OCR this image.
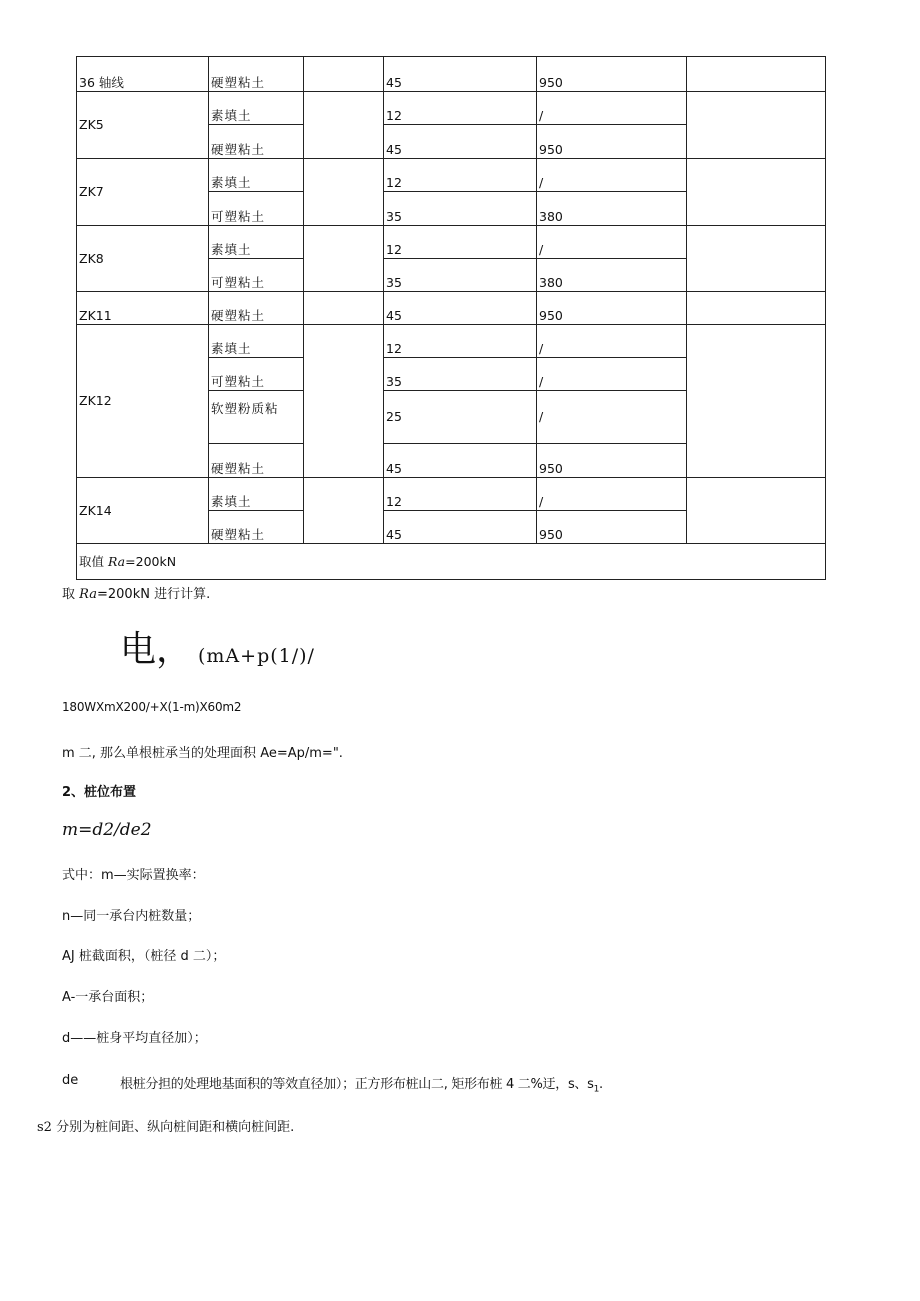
36 轴线	硬塑粘土		45	950	
ZK5	素填土		12	/	
	硬塑粘土		45	950	
ZK7	素填土		12	/	
	可塑粘土		35	380	
ZK8	素填土		12	/	
	可塑粘土		35	380	
ZK11	硬塑粘土		45	950	
ZK12	素填土		12	/	
	可塑粘土		35	/	
	软塑粉质粘		25	/	
	硬塑粘土		45	950	
ZK14	素填土		12	/	
	硬塑粘土		45	950	
取值 Ra=200kN					
取 Ra=200kN 进行计算.
电， (mA+p(1/)/
180WXmX200/+X(1-m)X60m2
m 二, 那么单根桩承当的处理面积 Ae=Ap/m=".
2、桩位布置
m=d2/de2
式中：m—实际置换率：
n—同一承台内桩数量；
AJ 桩截面积，（桩径 d 二）；
A-一承台面积；
d——桩身平均直径加）；
de	根桩分担的处理地基面积的等效直径加）；正方形布桩山二, 矩形布桩 4 二%迂，s、$s_1$.
s2 分别为桩间距、纵向桩间距和横向桩间距.
